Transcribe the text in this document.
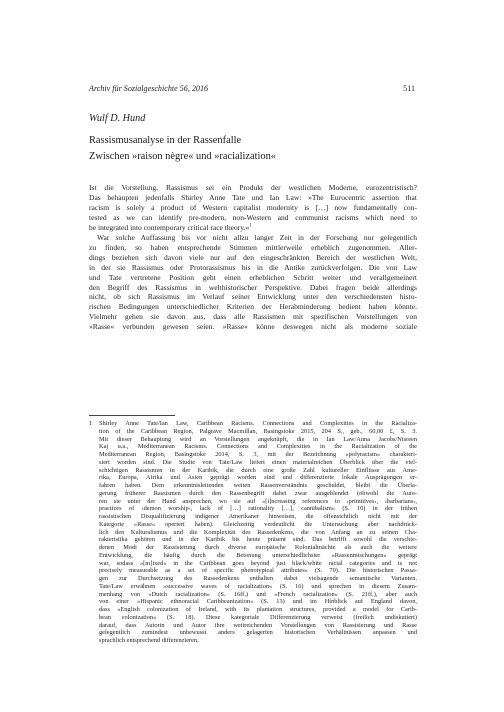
Archiv für Sozialgeschichte 56, 2016	511
Wulf D. Hund
Rassismusanalyse in der Rassenfalle
Zwischen »raison nègre« und »racialization«
Ist die Vorstellung, Rassismus sei ein Produkt der westlichen Moderne, eurozentristisch?
Das behaupten jedenfalls Shirley Anne Tate und Ian Law: »The Eurocentric assertion that
racism is solely a product of Western capitalist modernity is […] now fundamentally con-
tested as we can identify pre-modern, non-Western and communist racisms which need to
be integrated into contemporary critical race theory.«$^1$
War solche Auffassung bis vor nicht allzu langer Zeit in der Forschung nur gelegentlich
zu finden, so haben entsprechende Stimmen mittlerweile erheblich zugenommen. Aller-
dings beziehen sich davon viele nur auf den eingeschränkten Bereich der westlichen Welt,
in der sie Rassismus oder Protorassismus bis in die Antike zurückverfolgen. Die von Law
und Tate vertretene Position geht einen erheblichen Schritt weiter und verallgemeinert
den Begriff des Rassismus in welthistorischer Perspektive. Dabei fragen beide allerdings
nicht, ob sich Rassismus im Verlauf seiner Entwicklung unter den verschiedensten histo-
rischen Bedingungen unterschiedlicher Kriterien der Herabminderung bedient haben könnte.
Vielmehr gehen sie davon aus, dass alle Rassismen mit spezifischen Vorstellungen von
»Rasse« verbunden gewesen seien. »Rasse« könne deswegen nicht als moderne soziale
1 Shirley Anne Tate/Ian Law, Caribbean Racisms. Connections and Complexities in the Racializa-
tion of the Caribbean Region, Palgrave Macmillan, Basingstoke 2015, 204 S., geb., 60,00 £, S. 3.
Mit dieser Behauptung wird an Vorstellungen angeknüpft, die in Ian Law/Anna Jacobs/Nisreen
Kaj u.a., Mediterranean Racisms. Connections and Complexities in the Racialization of the
Mediterranean Region, Basingstoke 2014, S. 3, mit der Bezeichnung »polyracism« charakteri-
siert worden sind. Die Studie von Tate/Law liefert einen materialreichen Überblick über die viel-
schichtigen Rassismen in der Karibik, die durch eine große Zahl kultureller Einflüsse aus Ame-
rika, Europa, Afrika und Asien geprägt worden sind und differenzierte lokale Ausprägungen er-
fahren haben. Dem erkenntnisleitenden weiten Rassenverständnis geschuldet, bleibt die Überla-
gerung früherer Rassismen durch den Rassenbegriff dabei zwar ausgeblendet (obwohl die Auto-
ren sie unter der Hand ansprechen, wo sie auf »[i]ncreasing references to ›primitives‹, ›barbarians‹,
practices of ›demon worship‹, lack of […] rationality […], cannibalism« (S. 10) in der frühen
rassistischen Disqualifizierung indigener Amerikaner hinweisen, die offensichtlich nicht mit der
Kategorie »Rasse« operiert haben). Gleichzeitig verdeutlicht die Untersuchung aber nachdrück-
lich den Kulturalismus und die Komplexität des Rassedenkens, die von Anfang an zu seinen Cha-
rakteristika gehören und in der Karibik bis heute präsent sind. Das betrifft sowohl die verschie-
denen Modi der Rassisierung durch diverse europäische Kolonialmächte als auch die weitere
Entwicklung, die häufig durch die Betonung unterschiedlichster »Rassenmischungen« geprägt
war, sodass »[m]ixed« in the Caribbean goes beyond just black/white racial categories and is not
precisely measurable as a set of specific phenotypical attributes« (S. 70). Die historischen Passa-
gen zur Durchsetzung des Rassedenkens enthalten dabei vielsagende semantische Varianten.
Tate/Law erwähnen »successive waves of racialization« (S. 16) und sprechen in diesem Zusam-
menhang von »Dutch racialization« (S. 16ff.) und »French racialization« (S. 21ff.), aber auch
von einer »Hispanic ethnoracial Caribbeanization« (S. 13) und im Hinblick auf England davon,
dass »English colonization of Ireland, with its plantation structures, provided a model for Carib-
bean colonization« (S. 18). Diese kategoriale Differenzierung verweist (freilich undiskutiert)
darauf, dass Autorin und Autor ihre weitreichenden Vorstellungen von Rassisierung und Rasse
gelegentlich zumindest unbewusst anders gelagerten historischen Verhältnissen anpassen und
sprachlich entsprechend differenzieren.
